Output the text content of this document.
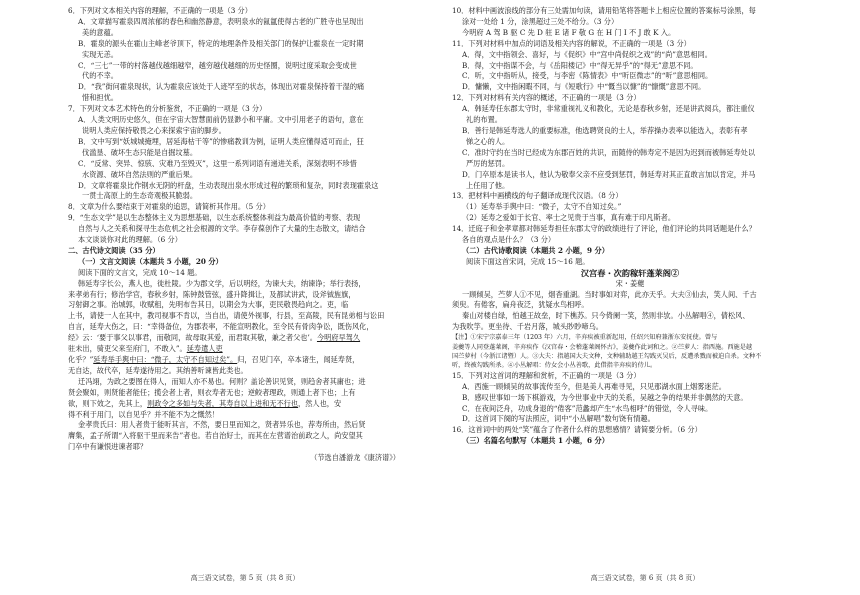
6．下列对文本相关内容的理解，不正确的一项是（3 分）
A．文章描写霍泉四周浓郁的春色和幽然静意，表明泉水的氤氲使得古老的广胜寺也呈现出
美的意蕴。
B．霍泉的源头在霍山主峰老爷顶下，特定的地理条件及相关部门的保护让霍泉在一定时期
实现无恙。
C．“三七”一带的村落越伐越细越窄，越穷越伐越细的历史怪圈，说明过度采取会变成世
代的不幸。
D．“我”街问霍泉现状，认为霍泉应该处于人迹罕至的状态，体现出对霍泉保持着干湿的痛
惜和担忧。
7．下列对文本艺术特色的分析鉴赏，不正确的一项是（3 分）
A．人类文明历史悠久，但在宇宙大智慧面前仍显渺小和平庸。文中引用老子的语句，意在
说明人类应保持敬畏之心来探索宇宙的脚步。
B．文中写到“妖城城掩埋，居延海枯干等”的惨痛教训为例，证明人类应懂得适可而止，狂
伐滥垦、破坏生态只能是自掘坟墓。
C．“反常、突异、惊骇、灾难乃至毁灭”，这里一系列词语有递进关系，深刻表明不珍惜
水资源、破坏自然法则的严重后果。
D．文章将霍泉比作钢水无阴的杆盘，生动表现出泉水形成过程的繁琐和复杂，同时表现霍泉这
一贯士高原上的生态奇观极其脆弱。
8．文章为什么要结束于对霍泉的追思，请简析其作用。（5 分）
9．“生态文学”是以生态整体主义为思想基础，以生态系统整体利益为最高价值的考察、表现
自然与人之关系和探寻生态危机之社会根源的文学。李存葆创作了大量的生态散文，请结合
本文谈谈你对此的理解。（6 分）
二、古代诗文阅读（35 分）
（一）文言文阅读（本题共 5 小题，20 分）
阅读下面的文言文，完成 10～14 题。
韩延寿字长公，燕人也，徙杜陵。少为郡文学，后以明经，为谏大夫，纳谏诤；举行表扬，
来孝弟有行；修治学官，春秋乡射，陈钟鼓管弦，盛升降揖让，及都试讲武，设斧钺旌旗，
习射御之事。治城郭，收赋租，先明布告其日，以期会为大事，吏民敬畏趋向之。吏，临
上书，请使一人在其中，教司视事不肯以，当自出，请使外视事，行县，至高陵，民有昆弟相与讼田
自言，延寿大伤之，曰：“幸得备位，为郡表率，不能宣明教化，至令民有骨肉争讼，既伤风化，
经》云：‘要于事父以事君，而敬同，故母取其爱，而君取其敬，兼之者父也’。今明府早驾久
驻未出，骑吏父来至府门，不敢入”。延寿遣人吏
化乎？”延寿举手舆中曰：“微子，太守不自知过矣”。归，召见门卒，卒本诸生，闻延寿贤，
无自达，故代卒，延寿遂待用之。其纳善听谏皆此类也。
迁冯翊，为政之要图在得人，而知人亦不易也。何则？盖论善识见贤，则趋舍者其庸也；进
贤会聚如，则贤能者能任；揽会者上者，则衣寿者无也；逆鲛者理政，则通上者下也；上有
欲，则下效之，先其上，则政令之多如与失者，其寿自以上进和无不行也，然人也，安
得不利于用门，以自见乎？并不能不为之慨然！
金孝贵氏曰：用人者贵于能听其言，不然，要日里而知之，贤者异乐也，荐寿所由，然后贤
膺集，孟子所谓“入将驱干里而来告”者也。若自治好士，而其在左营谱治前政之人，尚安望其
门卒中有谦恨进谏者耶？
（节选自潘游龙《康济谱》）
高三语文试卷，第 5 页（共 8 页）
10．材料中画波浪线的部分有三处需加句读，请用铅笔将答题卡上相应位置的答案标号涂黑，每
涂对一处给 1 分，涂黑超过三处不给分。（3 分）
今明府 A 驾 B 驱 C 先 D 驻 E 诸 F 敬 G 在 H 门 I 不 J 敢 K 入。
11．下列对材料中加点的词语及相关内容的解说，不正确的一项是（3 分）
A．得，文中指领会、喜好，与《促织》中“宫中尚促织之戏”的“尚”意思相同。
B．得，文中指谋不会，与《岳阳楼记》中“得无异乎”的“得无”意思不同。
C．听，文中指听从，接受，与李密《陈情表》中“听臣微志”的“听”意思相同。
D．慵懒，文中指闲暇不同，与《短歌行》中“慨当以慷”的“慷慨”意思不同。
12．下列对材料有关内容的概述，不正确的一项是（3 分）
A．韩延寿任东郡太守时，非常重视礼义和教化，无论是春秋乡射，还是讲武阅兵，都注重仪
礼的布置。
B．善行是韩延寿选人的重要标准，他选聘贤良的士人，举荐操办表率以能选入，表彰有孝
悌之心的人。
C．准时守约在当时已经成为东郡百姓的共识，而随侍的韩寿定不是因为迟到而被韩延寿处以
严厉的惩罚。
D．门卒原本是读书人，他认为敬奉父亲不应受到惩罚，韩延寿对其正直敢言加以肯定，并马
上任用了他。
13．把材料中画横线的句子翻译成现代汉语。（8 分）
（1）延寿举手舆中曰：“微子，太守不自知过矣。”
（2）延寿之爱如于长官、率士之见贵于当事，真有难于印凡斯者。
14．迁庭子和金孝章都对韩延寿担任东郡太守的政绩进行了评论，他们评论的共同话题是什么？
各自的观点是什么？（3 分）
（二）古代诗歌阅读（本题共 2 小题，9 分）
阅读下面这首宋词，完成 15～16 题。
汉宫春・次韵稼轩蓬莱阁②
宋・姜夔
一顾倾吴，苎萝人①不见，烟杳重湖。当时事如对弈，此亦天乎。大夫③仙去，笑人间、千古
须臾。有倦客，扁舟夜泛，犹疑水鸟相呼。
秦山对楼自绿，怕越王故垒，时下樵苏。只今倚阑一笑，然则非欤。小丛解唱④，倩松风、
为我吹竽。更坐待、千岩月落，城头眇眇啼乌。
【注】①宋宁宗嘉泰三年（1203 年）六月，辛弃疾被重新起用，任绍兴知府兼浙东安抚使。曾与
姜夔等人同登蓬莱阁，辛弃疾作《汉宫春・会稽蓬莱阁怀古》，姜夔作此词和之。②苎萝人：指西施。西施是越
国苎萝村（今浙江诸暨）人。③大夫：指越国大夫文种，文种辅助越王勾践灭吴后，反遭杀戮而被迫自杀。文种不
听，终被勾践所杀。④小丛解唱：侍女会小丛善歌，此借指辛弃疾的侍儿。
15．下列对这首词的理解和赏析，不正确的一项是（3 分）
A．西施一顾倾吴的故事流传至今，但是美人再难寻见，只见那湖水面上烟雾迷茫。
B．感叹世事如一场下棋游戏，为今世事业中天的关系，吴越之争的结果并非偶然的天意。
C．在夜间泛舟，功成身退的“倦客”范蠡却产生“水鸟相呼”的错觉，令人寻味。
D．这首词下阕的写法照应，词中“小丛解唱”数句饶有情趣。
16．这首词中的两处“笑”蕴含了作者什么样的思想感情？请简要分析。（6 分）
（三）名篇名句默写（本题共 1 小题，6 分）
高三语文试卷，第 6 页（共 8 页）
